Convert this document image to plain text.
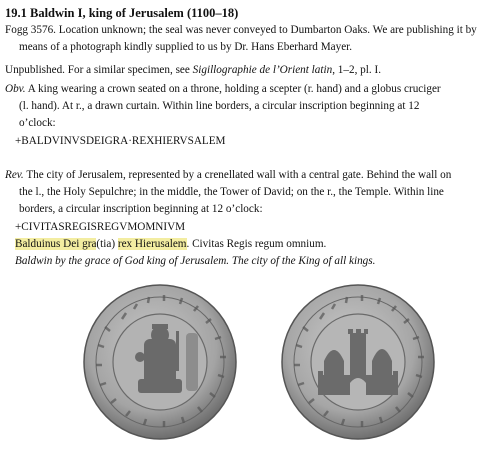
19.1 Baldwin I, king of Jerusalem (1100–18)
Fogg 3576. Location unknown; the seal was never conveyed to Dumbarton Oaks. We are publishing it by
means of a photograph kindly supplied to us by Dr. Hans Eberhard Mayer.
Unpublished. For a similar specimen, see Sigillographie de l’Orient latin, 1–2, pl. I.
Obv. A king wearing a crown seated on a throne, holding a scepter (r. hand) and a globus cruciger
(l. hand). At r., a drawn curtain. Within line borders, a circular inscription beginning at 12
o’clock:
+BALDVINVSDEIGRA·REXHIERVSALEM
Rev. The city of Jerusalem, represented by a crenellated wall with a central gate. Behind the wall on
the l., the Holy Sepulchre; in the middle, the Tower of David; on the r., the Temple. Within line
borders, a circular inscription beginning at 12 o’clock:
+CIVITASREGISREGVMOMNIVM
Balduinus Dei gra(tia) rex Hierusalem. Civitas Regis regum omnium.
Baldwin by the grace of God king of Jerusalem. The city of the King of all kings.
